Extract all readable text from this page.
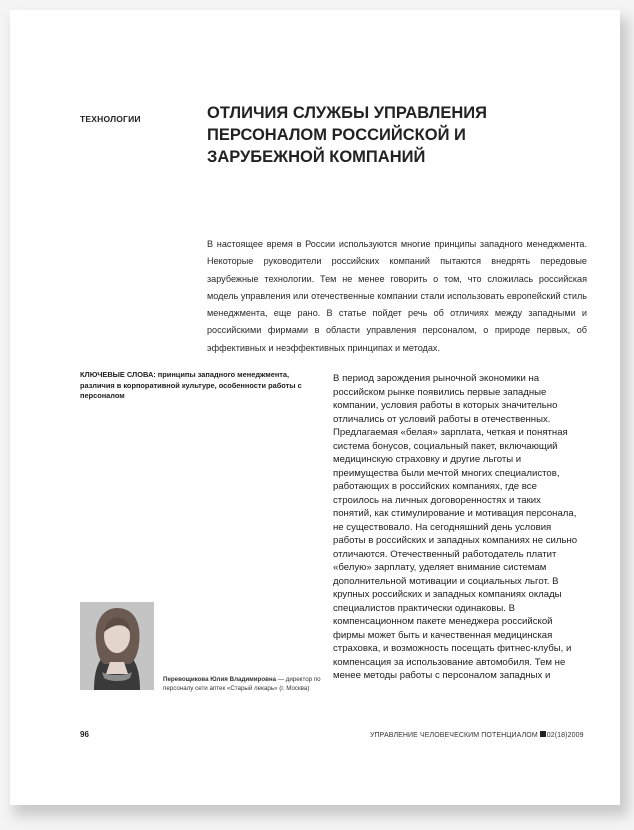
ТЕХНОЛОГИИ	ОТЛИЧИЯ СЛУЖБЫ УПРАВЛЕНИЯ ПЕРСОНАЛОМ РОССИЙСКОЙ И ЗАРУБЕЖНОЙ КОМПАНИЙ

В настоящее время в России используются многие принципы западного менеджмента. Некоторые руководители российских компаний пытаются внедрять передовые зарубежные технологии. Тем не менее говорить о том, что сложилась российская модель управления или отечественные компании стали использовать европейский стиль менеджмента, еще рано. В статье пойдет речь об отличиях между западными и российскими фирмами в области управления персоналом, о природе первых, об эффективных и неэффективных принципах и методах.

КЛЮЧЕВЫЕ СЛОВА: принципы западного менеджмента, различия в корпоративной культуре, особенности работы с персоналом

В период зарождения рыночной экономики на российском рынке появились первые западные компании, условия работы в которых значительно отличались от условий работы в отечественных. Предлагаемая «белая» зарплата, четкая и понятная система бонусов, социальный пакет, включающий медицинскую страховку и другие льготы и преимущества были мечтой многих специалистов, работающих в российских компаниях, где все строилось на личных договоренностях и таких понятий, как стимулирование и мотивация персонала, не существовало. На сегодняшний день условия работы в российских и западных компаниях не сильно отличаются. Отечественный работодатель платит «белую» зарплату, уделяет внимание системам дополнительной мотивации и социальных льгот. В крупных российских и западных компаниях оклады специалистов практически одинаковы. В компенсационном пакете менеджера российской фирмы может быть и качественная медицинская страховка, и возможность посещать фитнес-клубы, и компенсация за использование автомобиля. Тем не менее методы работы с персоналом западных и

Перевощикова Юлия Владимировна — директор по персоналу сети аптек «Старый лекарь» (г. Москва)

96	УПРАВЛЕНИЕ ЧЕЛОВЕЧЕСКИМ ПОТЕНЦИАЛОМ 02(18)2009
